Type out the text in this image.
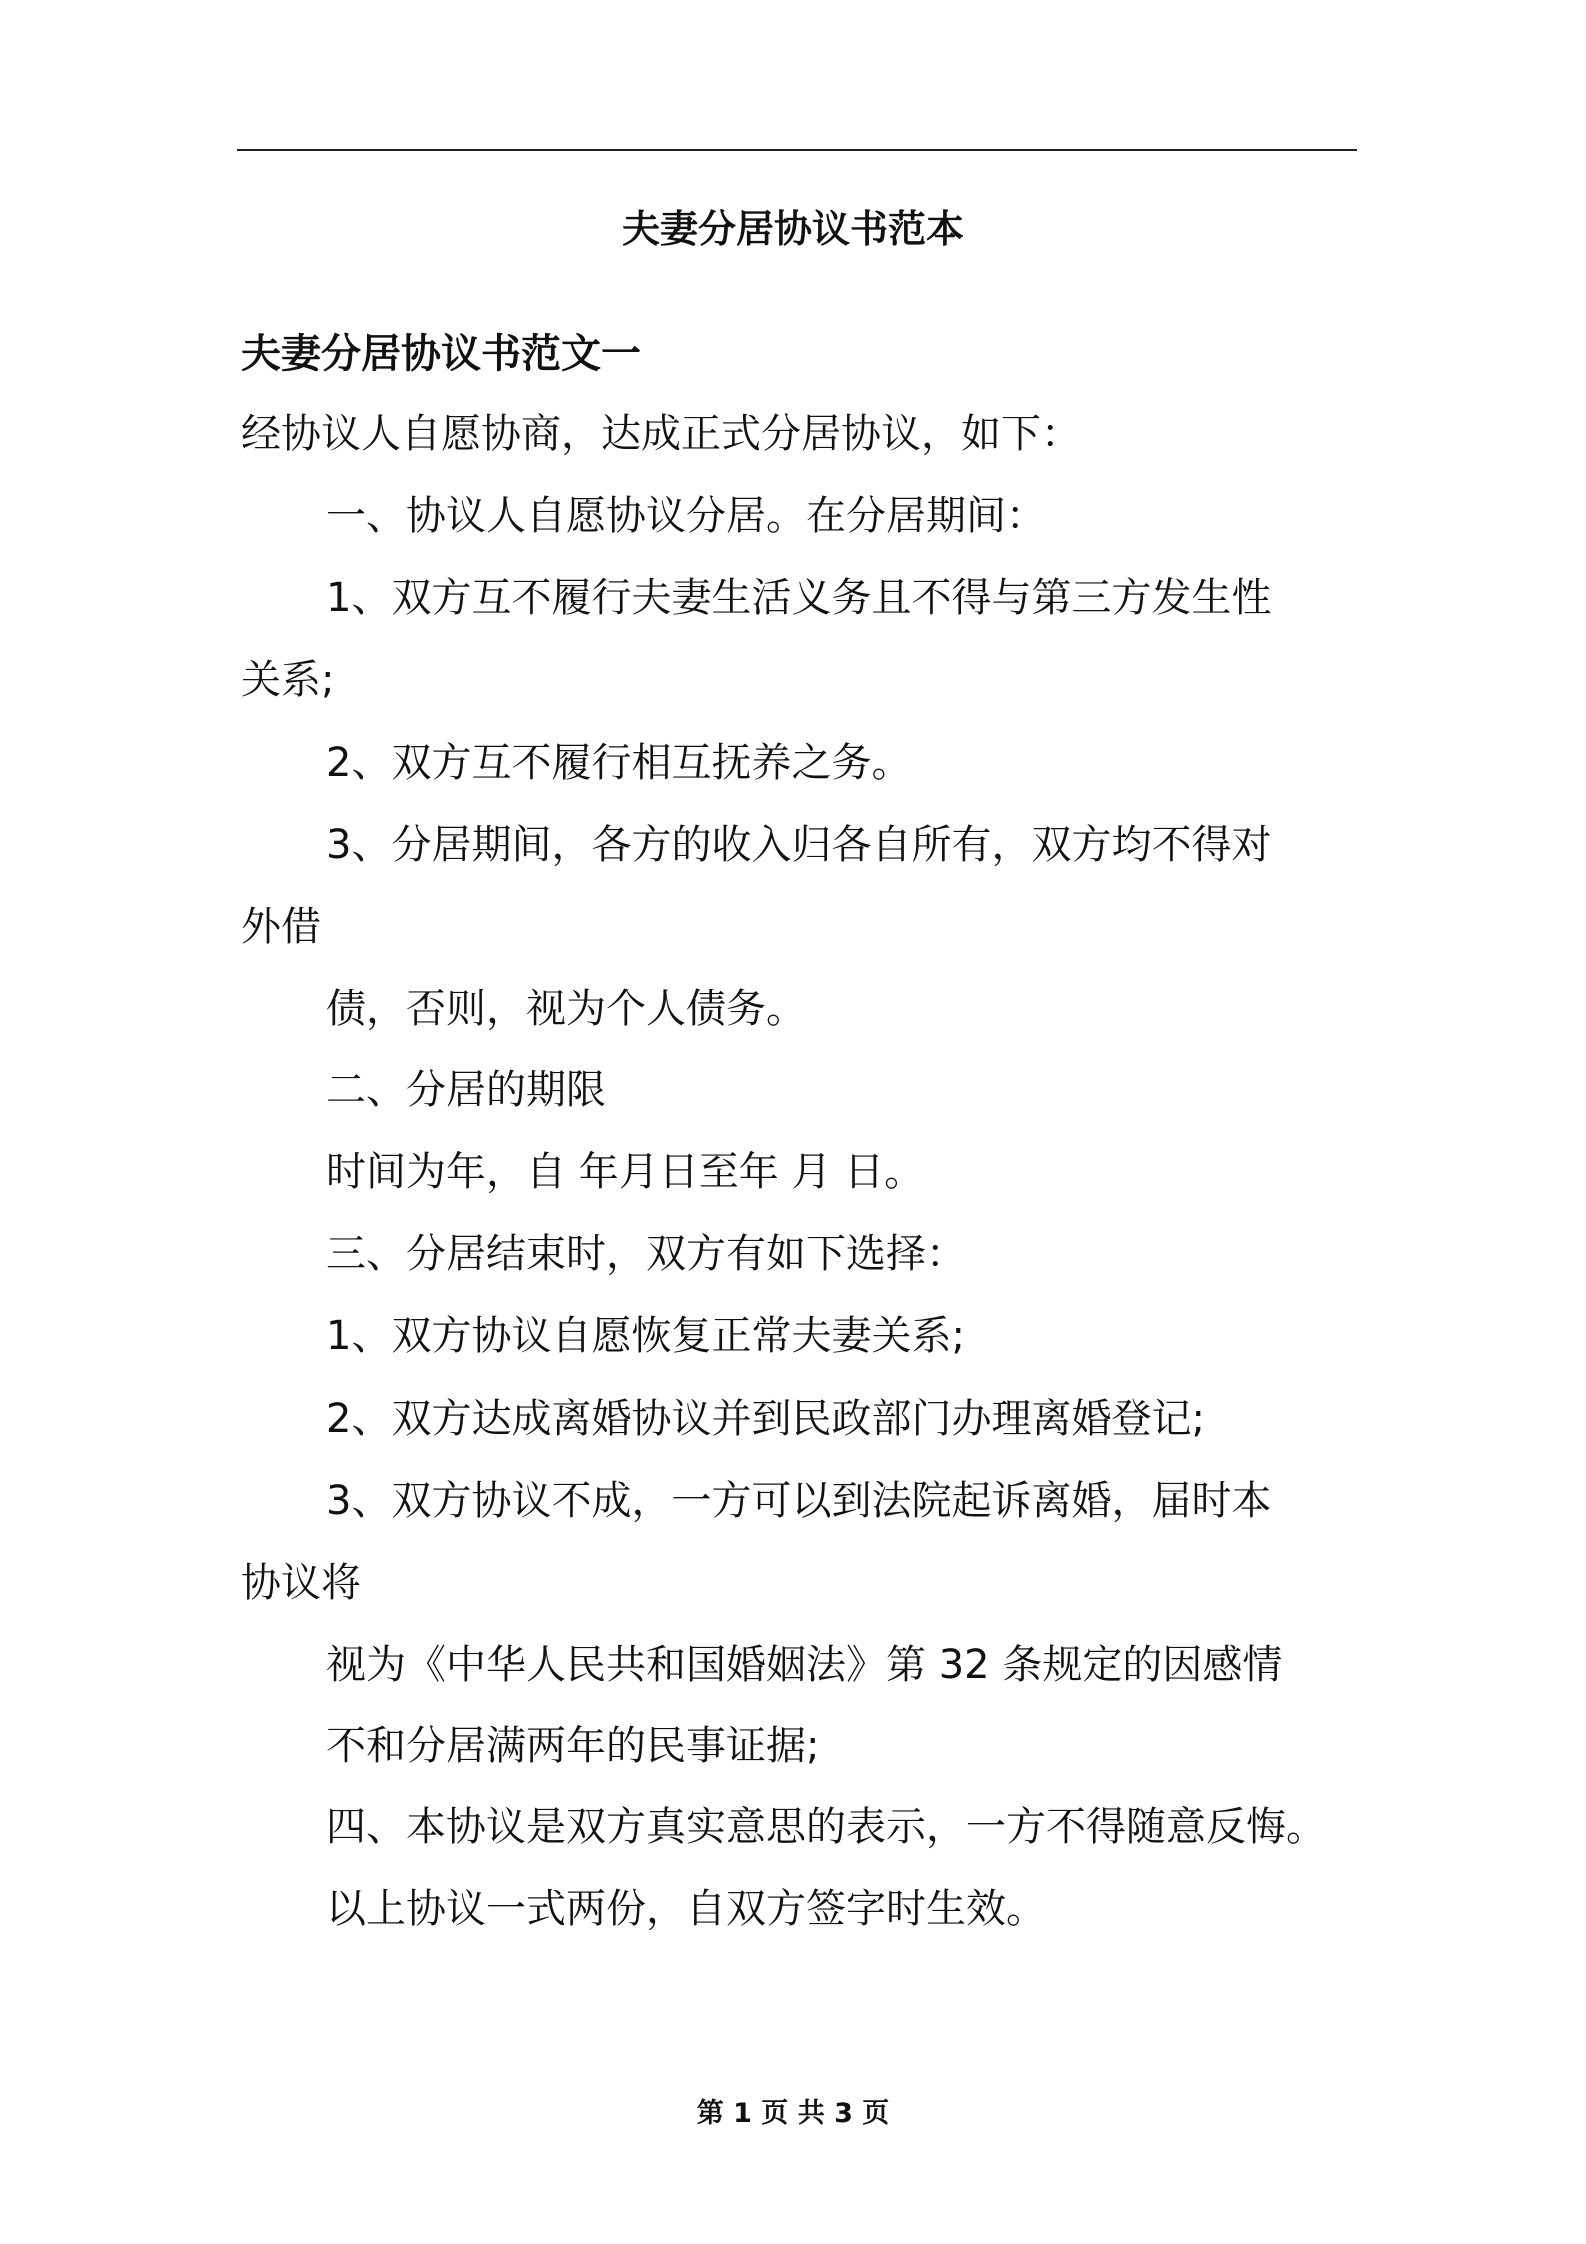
夫妻分居协议书范本
夫妻分居协议书范文一
经协议人自愿协商，达成正式分居协议，如下：
一、协议人自愿协议分居。在分居期间：
1、双方互不履行夫妻生活义务且不得与第三方发生性
关系;
2、双方互不履行相互抚养之务。
3、分居期间，各方的收入归各自所有，双方均不得对
外借
债，否则，视为个人债务。
二、分居的期限
时间为年，自 年月日至年 月 日。
三、分居结束时，双方有如下选择：
1、双方协议自愿恢复正常夫妻关系;
2、双方达成离婚协议并到民政部门办理离婚登记;
3、双方协议不成，一方可以到法院起诉离婚，届时本
协议将
视为《中华人民共和国婚姻法》第 32 条规定的因感情
不和分居满两年的民事证据;
四、本协议是双方真实意思的表示，一方不得随意反悔。
以上协议一式两份，自双方签字时生效。
第 1 页 共 3 页
